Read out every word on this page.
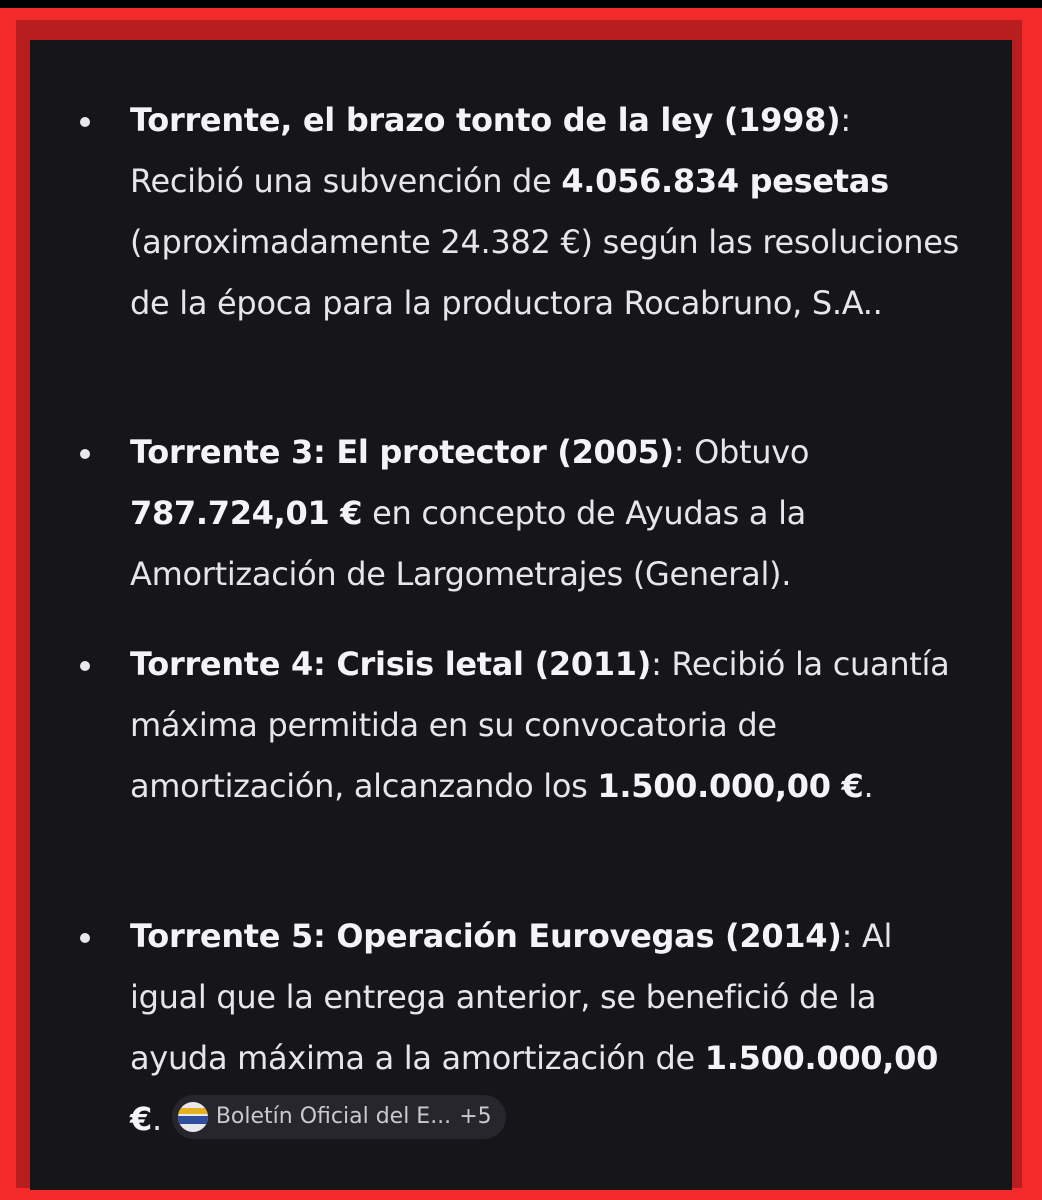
Torrente, el brazo tonto de la ley (1998): Recibió una subvención de 4.056.834 pesetas (aproximadamente 24.382 €) según las resoluciones de la época para la productora Rocabruno, S.A..
Torrente 3: El protector (2005): Obtuvo 787.724,01 € en concepto de Ayudas a la Amortización de Largometrajes (General).
Torrente 4: Crisis letal (2011): Recibió la cuantía máxima permitida en su convocatoria de amortización, alcanzando los 1.500.000,00 €.
Torrente 5: Operación Eurovegas (2014): Al igual que la entrega anterior, se benefició de la ayuda máxima a la amortización de 1.500.000,00 €. Boletín Oficial del E... +5
